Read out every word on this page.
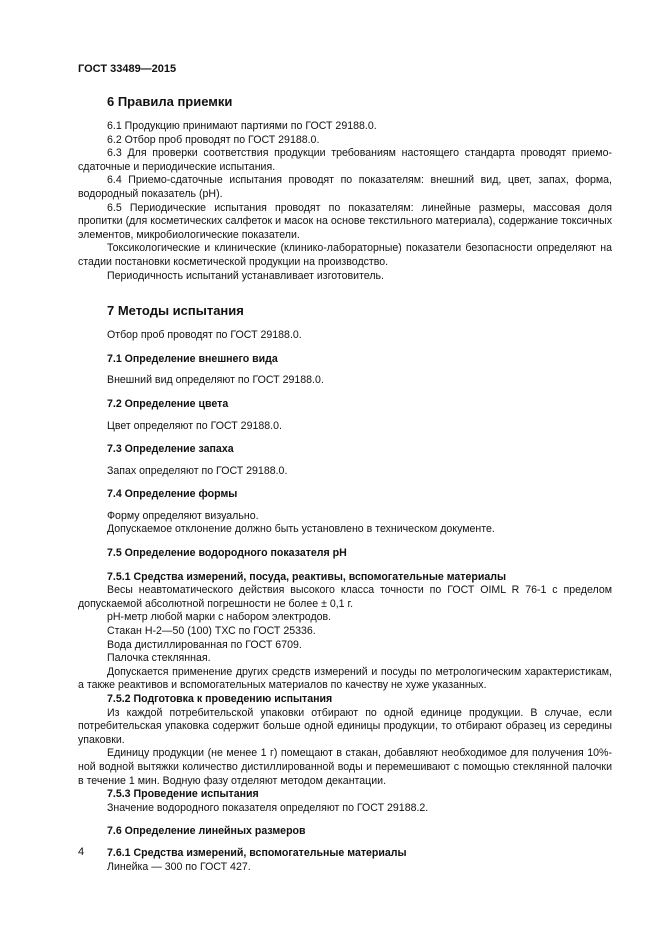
ГОСТ 33489—2015
6 Правила приемки

6.1 Продукцию принимают партиями по ГОСТ 29188.0.

6.2 Отбор проб проводят по ГОСТ 29188.0.

6.3 Для проверки соответствия продукции требованиям настоящего стандарта проводят приемо-сдаточные и периодические испытания.

6.4 Приемо-сдаточные испытания проводят по показателям: внешний вид, цвет, запах, форма, водородный показатель (pH).

6.5 Периодические испытания проводят по показателям: линейные размеры, массовая доля пропитки (для косметических салфеток и масок на основе текстильного материала), содержание токсичных элементов, микробиологические показатели.

Токсикологические и клинические (клинико-лабораторные) показатели безопасности определяют на стадии постановки косметической продукции на производство.

Периодичность испытаний устанавливает изготовитель.

7 Методы испытания

Отбор проб проводят по ГОСТ 29188.0.

7.1 Определение внешнего вида

Внешний вид определяют по ГОСТ 29188.0.

7.2 Определение цвета

Цвет определяют по ГОСТ 29188.0.

7.3 Определение запаха

Запах определяют по ГОСТ 29188.0.

7.4 Определение формы

Форму определяют визуально.

Допускаемое отклонение должно быть установлено в техническом документе.

7.5 Определение водородного показателя pH
7.5.1 Средства измерений, посуда, реактивы, вспомогательные материалы

Весы неавтоматического действия высокого класса точности по ГОСТ OIML R 76-1 с пределом допускаемой абсолютной погрешности не более ± 0,1 г.

pH-метр любой марки с набором электродов.

Стакан Н-2—50 (100) ТХС по ГОСТ 25336.

Вода дистиллированная по ГОСТ 6709.

Палочка стеклянная.

Допускается применение других средств измерений и посуды по метрологическим характеристикам, а также реактивов и вспомогательных материалов по качеству не хуже указанных.

7.5.2 Подготовка к проведению испытания

Из каждой потребительской упаковки отбирают по одной единице продукции. В случае, если потребительская упаковка содержит больше одной единицы продукции, то отбирают образец из середины упаковки.

Единицу продукции (не менее 1 г) помещают в стакан, добавляют необходимое для получения 10%-ной водной вытяжки количество дистиллированной воды и перемешивают с помощью стеклянной палочки в течение 1 мин. Водную фазу отделяют методом декантации.

7.5.3 Проведение испытания

Значение водородного показателя определяют по ГОСТ 29188.2.

7.6 Определение линейных размеров
7.6.1 Средства измерений, вспомогательные материалы

Линейка — 300 по ГОСТ 427.

4
